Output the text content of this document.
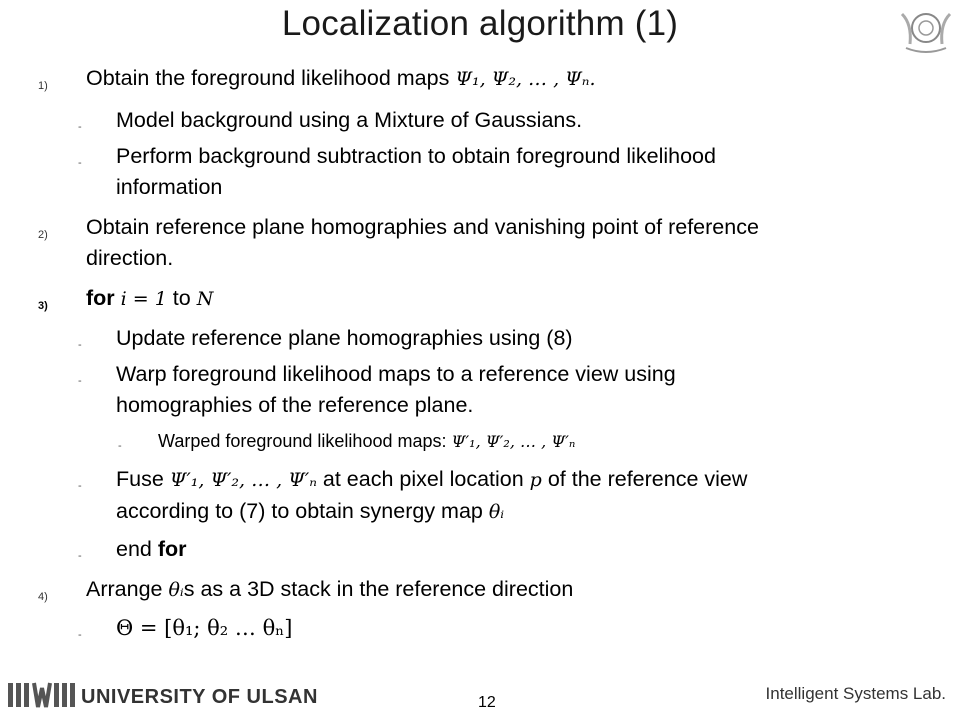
Localization algorithm (1)
1) Obtain the foreground likelihood maps Ψ₁, Ψ₂, … , Ψₙ.
- Model background using a Mixture of Gaussians.
- Perform background subtraction to obtain foreground likelihood
information
2) Obtain reference plane homographies and vanishing point of reference
direction.
3) for i = 1 to N
- Update reference plane homographies using (8)
- Warp foreground likelihood maps to a reference view using
homographies of the reference plane.
- Warped foreground likelihood maps: Ψ′₁, Ψ′₂, … , Ψ′ₙ
- Fuse Ψ′₁, Ψ′₂, … , Ψ′ₙ at each pixel location p of the reference view
according to (7) to obtain synergy map θᵢ
- end for
4) Arrange θᵢs as a 3D stack in the reference direction
- Θ = [θ₁; θ₂ … θₙ]
UNIVERSITY OF ULSAN	12	Intelligent Systems Lab.
